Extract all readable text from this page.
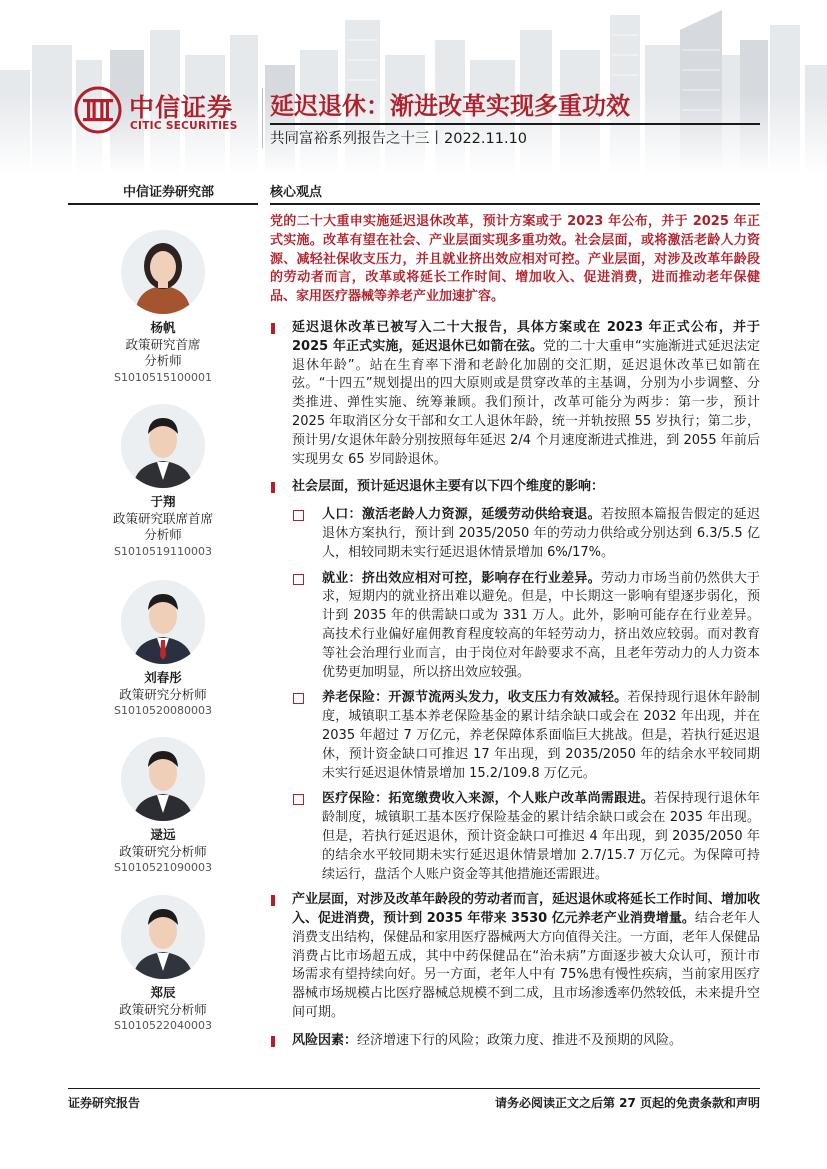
中信证券
CITIC SECURITIES
延迟退休：渐进改革实现多重功效
共同富裕系列报告之十三丨2022.11.10
中信证券研究部	核心观点
杨帆
政策研究首席
分析师
S1010515100001
于翔
政策研究联席首席
分析师
S1010519110003
刘春彤
政策研究分析师
S1010520080003
逯远
政策研究分析师
S1010521090003
郑辰
政策研究分析师
S1010522040003

党的二十大重申实施延迟退休改革，预计方案或于 2023 年公布，并于 2025 年正式实施。改革有望在社会、产业层面实现多重功效。社会层面，或将激活老龄人力资源、减轻社保收支压力，并且就业挤出效应相对可控。产业层面，对涉及改革年龄段的劳动者而言，改革或将延长工作时间、增加收入、促进消费，进而推动老年保健品、家用医疗器械等养老产业加速扩容。

延迟退休改革已被写入二十大报告，具体方案或在 2023 年正式公布，并于 2025 年正式实施，延迟退休已如箭在弦。党的二十大重申“实施渐进式延迟法定退休年龄”。站在生育率下滑和老龄化加剧的交汇期，延迟退休改革已如箭在弦。“十四五”规划提出的四大原则或是贯穿改革的主基调，分别为小步调整、分类推进、弹性实施、统筹兼顾。我们预计，改革可能分为两步：第一步，预计 2025 年取消区分女干部和女工人退休年龄，统一并轨按照 55 岁执行；第二步，预计男/女退休年龄分别按照每年延迟 2/4 个月速度渐进式推进，到 2055 年前后实现男女 65 岁同龄退休。

社会层面，预计延迟退休主要有以下四个维度的影响：

人口：激活老龄人力资源，延缓劳动供给衰退。若按照本篇报告假定的延迟退休方案执行，预计到 2035/2050 年的劳动力供给或分别达到 6.3/5.5 亿人，相较同期未实行延迟退休情景增加 6%/17%。

就业：挤出效应相对可控，影响存在行业差异。劳动力市场当前仍然供大于求，短期内的就业挤出难以避免。但是，中长期这一影响有望逐步弱化，预计到 2035 年的供需缺口或为 331 万人。此外，影响可能存在行业差异。高技术行业偏好雇佣教育程度较高的年轻劳动力，挤出效应较弱。而对教育等社会治理行业而言，由于岗位对年龄要求不高，且老年劳动力的人力资本优势更加明显，所以挤出效应较强。

养老保险：开源节流两头发力，收支压力有效减轻。若保持现行退休年龄制度，城镇职工基本养老保险基金的累计结余缺口或会在 2032 年出现，并在 2035 年超过 7 万亿元，养老保障体系面临巨大挑战。但是，若执行延迟退休，预计资金缺口可推迟 17 年出现，到 2035/2050 年的结余水平较同期未实行延迟退休情景增加 15.2/109.8 万亿元。

医疗保险：拓宽缴费收入来源，个人账户改革尚需跟进。若保持现行退休年龄制度，城镇职工基本医疗保险基金的累计结余缺口或会在 2035 年出现。但是，若执行延迟退休，预计资金缺口可推迟 4 年出现，到 2035/2050 年的结余水平较同期未实行延迟退休情景增加 2.7/15.7 万亿元。为保障可持续运行，盘活个人账户资金等其他措施还需跟进。

产业层面，对涉及改革年龄段的劳动者而言，延迟退休或将延长工作时间、增加收入、促进消费，预计到 2035 年带来 3530 亿元养老产业消费增量。结合老年人消费支出结构，保健品和家用医疗器械两大方向值得关注。一方面，老年人保健品消费占比市场超五成，其中中药保健品在“治未病”方面逐步被大众认可，预计市场需求有望持续向好。另一方面，老年人中有 75%患有慢性疾病，当前家用医疗器械市场规模占比医疗器械总规模不到二成，且市场渗透率仍然较低，未来提升空间可期。

风险因素：经济增速下行的风险；政策力度、推进不及预期的风险。

证券研究报告	请务必阅读正文之后第 27 页起的免责条款和声明
